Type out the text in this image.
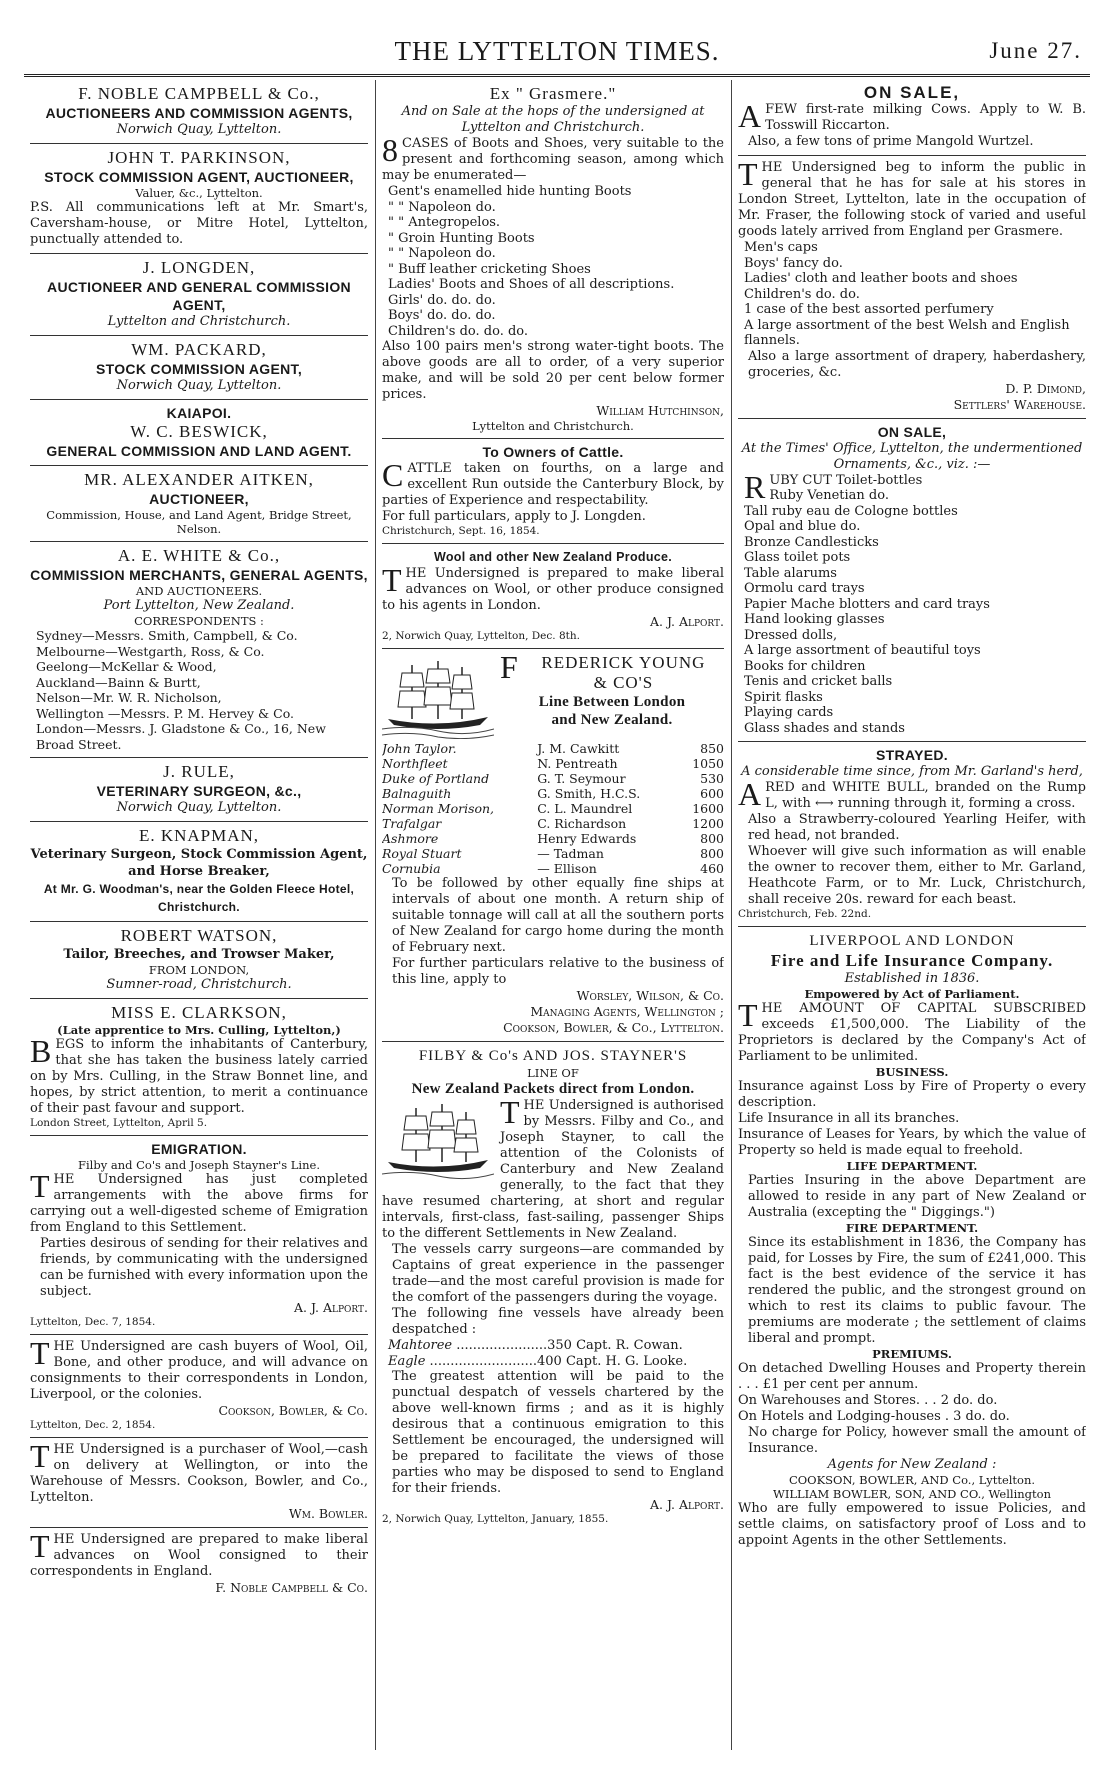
THE LYTTELTON TIMES.	June 27.
F. NOBLE CAMPBELL & Co.,
AUCTIONEERS AND COMMISSION AGENTS,
Norwich Quay, Lyttelton.
JOHN T. PARKINSON,
STOCK COMMISSION AGENT, AUCTIONEER,
Valuer, &c., Lyttelton.
P.S. All communications left at Mr. Smart's, Caversham-house, or Mitre Hotel, Lyttelton, punctually attended to.
J. LONGDEN,
AUCTIONEER AND GENERAL COMMISSION AGENT,
Lyttelton and Christchurch.
WM. PACKARD,
STOCK COMMISSION AGENT,
Norwich Quay, Lyttelton.
KAIAPOI.
W. C. BESWICK,
GENERAL COMMISSION AND LAND AGENT.
MR. ALEXANDER AITKEN,
AUCTIONEER,
Commission, House, and Land Agent, Bridge Street, Nelson.
A. E. WHITE & Co.,
COMMISSION MERCHANTS, GENERAL AGENTS,
AND AUCTIONEERS.
Port Lyttelton, New Zealand.
CORRESPONDENTS :
Sydney—Messrs. Smith, Campbell, & Co.
Melbourne—Westgarth, Ross, & Co.
Geelong—McKellar & Wood,
Auckland—Bainn & Burtt,
Nelson—Mr. W. R. Nicholson,
Wellington —Messrs. P. M. Hervey & Co.
London—Messrs. J. Gladstone & Co., 16, New Broad Street.
J. RULE,
VETERINARY SURGEON, &c.,
Norwich Quay, Lyttelton.
E. KNAPMAN,
Veterinary Surgeon, Stock Commission Agent, and Horse Breaker,
At Mr. G. Woodman's, near the Golden Fleece Hotel, Christchurch.
ROBERT WATSON,
Tailor, Breeches, and Trowser Maker,
FROM LONDON,
Sumner-road, Christchurch.
MISS E. CLARKSON,
(Late apprentice to Mrs. Culling, Lyttelton,)
BEGS to inform the inhabitants of Canterbury, that she has taken the business lately carried on by Mrs. Culling, in the Straw Bonnet line, and hopes, by strict attention, to merit a continuance of their past favour and support.
London Street, Lyttelton, April 5.
EMIGRATION.
Filby and Co's and Joseph Stayner's Line.
THE Undersigned has just completed arrangements with the above firms for carrying out a well-digested scheme of Emigration from England to this Settlement.
Parties desirous of sending for their relatives and friends, by communicating with the undersigned can be furnished with every information upon the subject.
A. J. Alport.
Lyttelton, Dec. 7, 1854.
THE Undersigned are cash buyers of Wool, Oil, Bone, and other produce, and will advance on consignments to their correspondents in London, Liverpool, or the colonies.
Cookson, Bowler, & Co.
Lyttelton, Dec. 2, 1854.
THE Undersigned is a purchaser of Wool,—cash on delivery at Wellington, or into the Warehouse of Messrs. Cookson, Bowler, and Co., Lyttelton.
Wm. Bowler.
THE Undersigned are prepared to make liberal advances on Wool consigned to their correspondents in England.
F. Noble Campbell & Co.
Ex " Grasmere."
And on Sale at the hops of the undersigned at Lyttelton and Christchurch.
8 CASES of Boots and Shoes, very suitable to the present and forthcoming season, among which may be enumerated—
Gent's enamelled hide hunting Boots
" " Napoleon do.
" " Antegropelos.
" Groin Hunting Boots
" " Napoleon do.
" Buff leather cricketing Shoes
Ladies' Boots and Shoes of all descriptions.
Girls' do. do. do.
Boys' do. do. do.
Children's do. do. do.
Also 100 pairs men's strong water-tight boots. The above goods are all to order, of a very superior make, and will be sold 20 per cent below former prices.
William Hutchinson,
Lyttelton and Christchurch.
To Owners of Cattle.
CATTLE taken on fourths, on a large and excellent Run outside the Canterbury Block, by parties of Experience and respectability.
For full particulars, apply to J. Longden.
Christchurch, Sept. 16, 1854.
Wool and other New Zealand Produce.
THE Undersigned is prepared to make liberal advances on Wool, or other produce consigned to his agents in London.
A. J. Alport.
2, Norwich Quay, Lyttelton, Dec. 8th.
F REDERICK YOUNG
& CO'S
Line Between London
and New Zealand.
John Taylor.	J. M. Cawkitt	850
Northfleet	N. Pentreath	1050
Duke of Portland	G. T. Seymour	530
Balnaguith	G. Smith, H.C.S.	600
Norman Morison,	C. L. Maundrel	1600
Trafalgar	C. Richardson	1200
Ashmore	Henry Edwards	800
Royal Stuart	— Tadman	800
Cornubia	— Ellison	460
To be followed by other equally fine ships at intervals of about one month. A return ship of suitable tonnage will call at all the southern ports of New Zealand for cargo home during the month of February next.
For further particulars relative to the business of this line, apply to
Worsley, Wilson, & Co.
Managing Agents, Wellington ;
Cookson, Bowler, & Co., Lyttelton.
FILBY & Co's AND JOS. STAYNER'S
LINE OF
New Zealand Packets direct from London.
THE Undersigned is authorised by Messrs. Filby and Co., and Joseph Stayner, to call the attention of the Colonists of Canterbury and New Zealand generally, to the fact that they have resumed chartering, at short and regular intervals, first-class, fast-sailing, passenger Ships to the different Settlements in New Zealand.
The vessels carry surgeons—are commanded by Captains of great experience in the passenger trade—and the most careful provision is made for the comfort of the passengers during the voyage.
The following fine vessels have already been despatched :
Mahtoree ......................350 Capt. R. Cowan.
Eagle ..........................400 Capt. H. G. Looke.
The greatest attention will be paid to the punctual despatch of vessels chartered by the above well-known firms ; and as it is highly desirous that a continuous emigration to this Settlement be encouraged, the undersigned will be prepared to facilitate the views of those parties who may be disposed to send to England for their friends.
A. J. Alport.
2, Norwich Quay, Lyttelton, January, 1855.
ON SALE,
AFEW first-rate milking Cows. Apply to W. B. Tosswill Riccarton.
Also, a few tons of prime Mangold Wurtzel.
THE Undersigned beg to inform the public in general that he has for sale at his stores in London Street, Lyttelton, late in the occupation of Mr. Fraser, the following stock of varied and useful goods lately arrived from England per Grasmere.
Men's caps
Boys' fancy do.
Ladies' cloth and leather boots and shoes
Children's do. do.
1 case of the best assorted perfumery
A large assortment of the best Welsh and English flannels.
Also a large assortment of drapery, haberdashery, groceries, &c.
D. P. Dimond,
Settlers' Warehouse.
ON SALE,
At the Times' Office, Lyttelton, the undermentioned Ornaments, &c., viz. :—
RUBY CUT Toilet-bottles
Ruby Venetian do.
Tall ruby eau de Cologne bottles
Opal and blue do.
Bronze Candlesticks
Glass toilet pots
Table alarums
Ormolu card trays
Papier Mache blotters and card trays
Hand looking glasses
Dressed dolls,
A large assortment of beautiful toys
Books for children
Tenis and cricket balls
Spirit flasks
Playing cards
Glass shades and stands
STRAYED.
A considerable time since, from Mr. Garland's herd,
ARED and WHITE BULL, branded on the Rump L, with ⟷ running through it, forming a cross.
Also a Strawberry-coloured Yearling Heifer, with red head, not branded.
Whoever will give such information as will enable the owner to recover them, either to Mr. Garland, Heathcote Farm, or to Mr. Luck, Christchurch, shall receive 20s. reward for each beast.
Christchurch, Feb. 22nd.
LIVERPOOL AND LONDON
Fire and Life Insurance Company.
Established in 1836.
Empowered by Act of Parliament.
THE AMOUNT OF CAPITAL SUBSCRIBED exceeds £1,500,000. The Liability of the Proprietors is declared by the Company's Act of Parliament to be unlimited.
BUSINESS.
Insurance against Loss by Fire of Property o every description.
Life Insurance in all its branches.
Insurance of Leases for Years, by which the value of Property so held is made equal to freehold.
LIFE DEPARTMENT.
Parties Insuring in the above Department are allowed to reside in any part of New Zealand or Australia (excepting the " Diggings.")
FIRE DEPARTMENT.
Since its establishment in 1836, the Company has paid, for Losses by Fire, the sum of £241,000. This fact is the best evidence of the service it has rendered the public, and the strongest ground on which to rest its claims to public favour. The premiums are moderate ; the settlement of claims liberal and prompt.
PREMIUMS.
On detached Dwelling Houses and Property therein . . . £1 per cent per annum.
On Warehouses and Stores. . . 2 do. do.
On Hotels and Lodging-houses . 3 do. do.
No charge for Policy, however small the amount of Insurance.
Agents for New Zealand :
COOKSON, BOWLER, AND Co., Lyttelton.
WILLIAM BOWLER, SON, AND CO., Wellington
Who are fully empowered to issue Policies, and settle claims, on satisfactory proof of Loss and to appoint Agents in the other Settlements.
